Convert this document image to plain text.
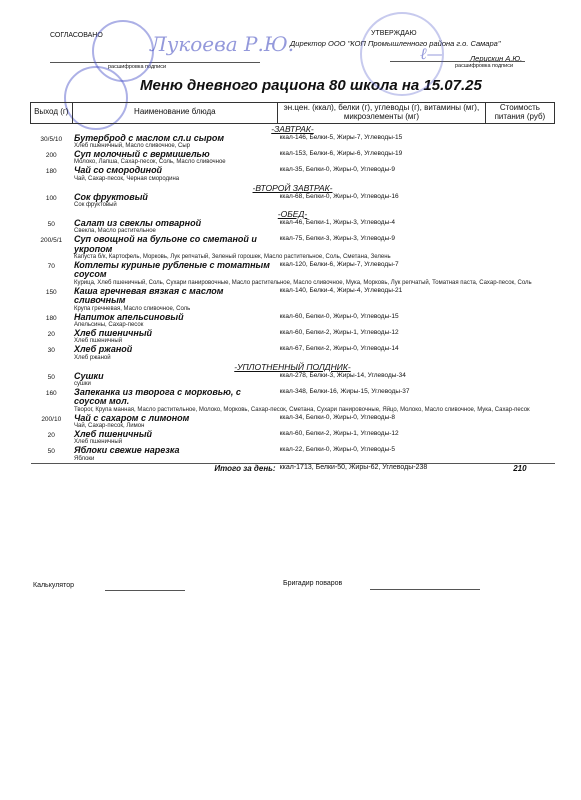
СОГЛАСОВАНО
расшифровка подписи
УТВЕРЖДАЮ
Директор ООО "КОП Промышленного района г.о. Самара"
Лерискин А.Ю.
расшифровка подписи
Меню дневного рациона 80 школа на 15.07.25
Лукоева Р.Ю.	ℓ—
Выход (г)	Наименование блюда	эн.цен. (ккал), белки (г), углеводы (г), витамины (мг), микроэлементы (мг)	Стоимость питания (руб)
-ЗАВТРАК-			
30/5/10	Бутерброд с маслом сл.и сыром	ккал-146, Белки-5, Жиры-7, Углеводы-15	
	Хлеб пшеничный, Масло сливочное, Сыр		
200	Суп молочный с вермишелью	ккал-153, Белки-6, Жиры-6, Углеводы-19	
	Молоко, Лапша, Сахар-песок, Соль, Масло сливочное		
180	Чай со смородиной	ккал-35, Белки-0, Жиры-0, Углеводы-9	
	Чай, Сахар-песок, Черная смородина		
-ВТОРОЙ ЗАВТРАК-			
100	Сок фруктовый	ккал-68, Белки-0, Жиры-0, Углеводы-16	
	Сок фруктовый		
-ОБЕД-			
50	Салат из свеклы отварной	ккал-46, Белки-1, Жиры-3, Углеводы-4	
	Свекла, Масло растительное		
200/5/1	Суп овощной на бульоне со сметаной и укропом	ккал-75, Белки-3, Жиры-3, Углеводы-9	
	Капуста б/к, Картофель, Морковь, Лук репчатый, Зеленый горошек, Масло растительное, Соль, Сметана, Зелень		
70	Котлеты куриные рубленые с томатным соусом	ккал-120, Белки-6, Жиры-7, Углеводы-7	
	Курица, Хлеб пшеничный, Соль, Сухари панировочные, Масло растительное, Масло сливочное, Мука, Морковь, Лук репчатый, Томатная паста, Сахар-песок, Соль		
150	Каша гречневая вязкая с маслом сливочным	ккал-140, Белки-4, Жиры-4, Углеводы-21	
	Крупа гречневая, Масло сливочное, Соль		
180	Напиток апельсиновый	ккал-60, Белки-0, Жиры-0, Углеводы-15	
	Апельсины, Сахар-песок		
20	Хлеб пшеничный	ккал-60, Белки-2, Жиры-1, Углеводы-12	
	Хлеб пшеничный		
30	Хлеб ржаной	ккал-67, Белки-2, Жиры-0, Углеводы-14	
	Хлеб ржаной		
-УПЛОТНЕННЫЙ ПОЛДНИК-			
50	Сушки	ккал-278, Белки-3, Жиры-14, Углеводы-34	
	сушки		
160	Запеканка из творога с морковью, с соусом мол.	ккал-348, Белки-16, Жиры-15, Углеводы-37	
	Творог, Крупа манная, Масло растительное, Молоко, Морковь, Сахар-песок, Сметана, Сухари панировочные, Яйцо, Молоко, Масло сливочное, Мука, Сахар-песок		
200/10	Чай с сахаром с лимоном	ккал-34, Белки-0, Жиры-0, Углеводы-8	
	Чай, Сахар-песок, Лимон		
20	Хлеб пшеничный	ккал-60, Белки-2, Жиры-1, Углеводы-12	
	Хлеб пшеничный		
50	Яблоки свежие нарезка	ккал-22, Белки-0, Жиры-0, Углеводы-5	
	Яблоки		
	Итого за день:	ккал-1713, Белки-50, Жиры-62, Углеводы-238	210
Калькулятор	Бригадир поваров
